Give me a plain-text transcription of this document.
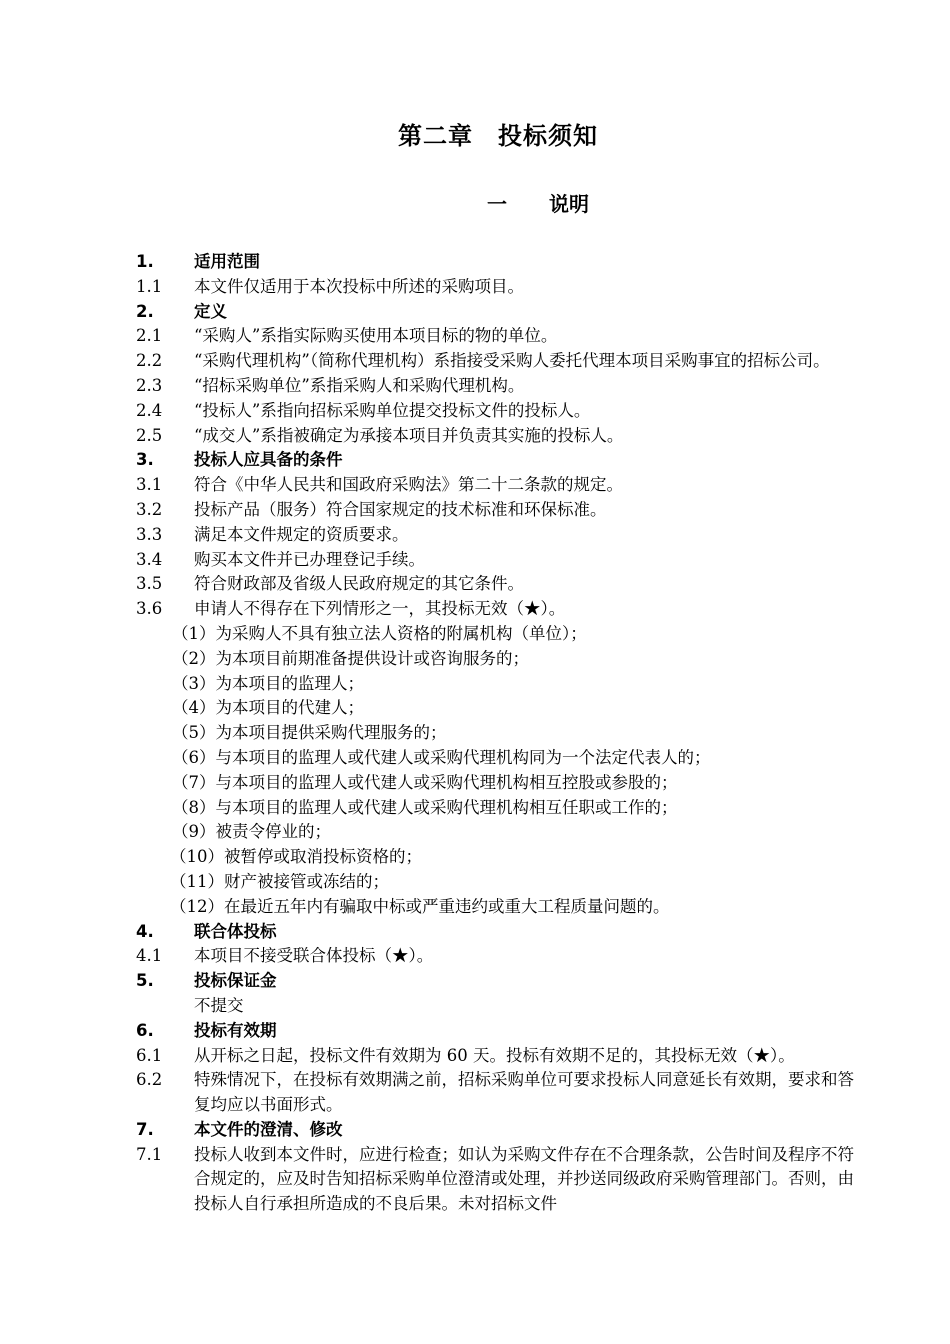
第二章　投标须知
一 说明
1.	适用范围
1.1	本文件仅适用于本次投标中所述的采购项目。
2.	定义
2.1	“采购人”系指实际购买使用本项目标的物的单位。
2.2	“采购代理机构”（简称代理机构）系指接受采购人委托代理本项目采购事宜的招标公司。
2.3	“招标采购单位”系指采购人和采购代理机构。
2.4	“投标人”系指向招标采购单位提交投标文件的投标人。
2.5	“成交人”系指被确定为承接本项目并负责其实施的投标人。
3.	投标人应具备的条件
3.1	符合《中华人民共和国政府采购法》第二十二条款的规定。
3.2	投标产品（服务）符合国家规定的技术标准和环保标准。
3.3	满足本文件规定的资质要求。
3.4	购买本文件并已办理登记手续。
3.5	符合财政部及省级人民政府规定的其它条件。
3.6	申请人不得存在下列情形之一，其投标无效（★）。
（1）为采购人不具有独立法人资格的附属机构（单位）；
（2）为本项目前期准备提供设计或咨询服务的；
（3）为本项目的监理人；
（4）为本项目的代建人；
（5）为本项目提供采购代理服务的；
（6）与本项目的监理人或代建人或采购代理机构同为一个法定代表人的；
（7）与本项目的监理人或代建人或采购代理机构相互控股或参股的；
（8）与本项目的监理人或代建人或采购代理机构相互任职或工作的；
（9）被责令停业的；
（10）被暂停或取消投标资格的；
（11）财产被接管或冻结的；
（12）在最近五年内有骗取中标或严重违约或重大工程质量问题的。
4.	联合体投标
4.1	本项目不接受联合体投标（★）。
5.	投标保证金
不提交
6.	投标有效期
6.1	从开标之日起，投标文件有效期为 60 天。投标有效期不足的，其投标无效（★）。
6.2	特殊情况下，在投标有效期满之前，招标采购单位可要求投标人同意延长有效期，要求和答复均应以书面形式。
7.	本文件的澄清、修改
7.1	投标人收到本文件时，应进行检查；如认为采购文件存在不合理条款，公告时间及程序不符合规定的，应及时告知招标采购单位澄清或处理，并抄送同级政府采购管理部门。否则，由投标人自行承担所造成的不良后果。未对招标文件
